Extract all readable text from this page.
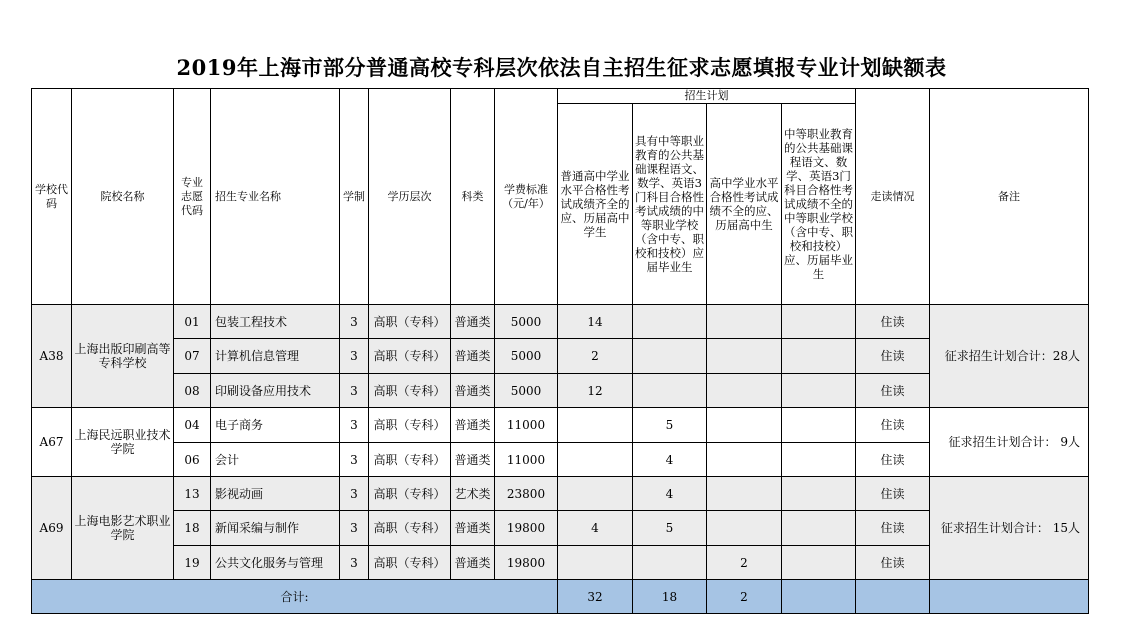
2019年上海市部分普通高校专科层次依法自主招生征求志愿填报专业计划缺额表
学校代码	院校名称	专业志愿代码	招生专业名称	学制	学历层次	科类	学费标准（元/年）	招生计划				走读情况	备注
								普通高中学业水平合格性考试成绩齐全的应、历届高中学生	具有中等职业教育的公共基础课程语文、数学、英语3门科目合格性考试成绩的中等职业学校（含中专、职校和技校）应届毕业生	高中学业水平合格性考试成绩不全的应、历届高中生	中等职业教育的公共基础课程语文、数学、英语3门科目合格性考试成绩不全的中等职业学校（含中专、职校和技校）应、历届毕业生		
A38	上海出版印刷高等专科学校	01	包装工程技术	3	高职（专科）	普通类	5000	14				住读	征求招生计划合计：28人
		07	计算机信息管理	3	高职（专科）	普通类	5000	2				住读	
		08	印刷设备应用技术	3	高职（专科）	普通类	5000	12				住读	
A67	上海民远职业技术学院	04	电子商务	3	高职（专科）	普通类	11000		5			住读	征求招生计划合计： 9人
		06	会计	3	高职（专科）	普通类	11000		4			住读	
A69	上海电影艺术职业学院	13	影视动画	3	高职（专科）	艺术类	23800		4			住读	征求招生计划合计： 15人
		18	新闻采编与制作	3	高职（专科）	普通类	19800	4	5			住读	
		19	公共文化服务与管理	3	高职（专科）	普通类	19800			2		住读	
合计:								32	18	2			
